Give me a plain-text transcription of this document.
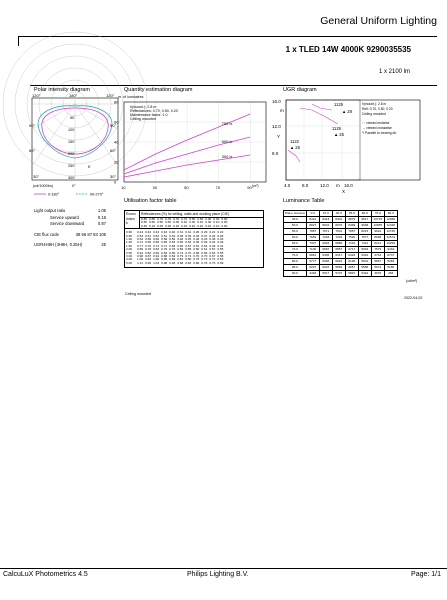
General Uniform Lighting
1 x TLED 14W 4000K 9290035535
1 x 2100 lm
Polar intensity diagram
120°	180°	120°
90°	90°
60°	60°
30°	30°
50
100
150
200
250
300
E
(cd/1000lm)	0°
0-180°	90-270°
Quantity estimation diagram
nr. of luminaires
0
20
40
60
80
10	30	50	70	90
750 lx
500 lx
300 lx
h(mount.): 2.8 m
Reflectances: 0.70, 0.50, 0.20
Maintenance factor: 1.0
Ceiling mounted
(m²)
UGR diagram
16.0
m
12.0
Y
8.0
4.0	8.0	12.0 m 16.0
X
1125
▲ 28
1125
▲ 25
1122
▲ 25
h(mount.): 2.8 m
Refl: 0.70, 0.50, 0.20
Ceiling mounted
↑↑ viewed endwise
→ viewed crosswise
Y Parallel to viewing dir.
Light output ratio	1.05
Service upward	0.18
Service downward	0.87
CIE flux code	38 66 87 83 105
UGR4H8H (4H8H, 0.25H)	25
Utilisation factor table
Room
Index
k
Reflectances (%) for ceiling, walls and working plane (CIE)
0.80	0.80	0.70	0.70	0.70	0.70	0.50	0.50	0.30	0.30	0.00
0.50	0.50	0.50	0.50	0.30	0.10	0.30	0.10	0.30	0.10	0.00
0.30	0.10	0.30	0.20	0.10	0.10	0.10	0.10	0.10	0.10	0.00
0.60	0.44	0.42	0.43	0.43	0.40	0.31	0.31	0.26	0.29	0.22	0.22
0.80	0.54	0.51	0.52	0.51	0.49	0.39	0.39	0.33	0.37	0.32	0.28
1.00	0.62	0.58	0.60	0.58	0.56	0.48	0.45	0.40	0.43	0.38	0.33
1.25	0.71	0.65	0.68	0.65	0.63	0.55	0.52	0.46	0.49	0.44	0.39
1.50	0.77	0.70	0.74	0.71	0.68	0.60	0.57	0.51	0.54	0.49	0.41
2.00	0.86	0.78	0.83	0.79	0.76	0.69	0.65	0.60	0.61	0.57	0.55
2.50	0.94	0.82	0.90	0.84	0.80	0.74	0.70	0.66	0.66	0.63	0.55
3.00	0.98	0.87	0.94	0.88	0.84	0.79	0.74	0.70	0.70	0.67	0.58
4.00	1.06	0.92	1.00	0.95	0.89	0.84	0.80	0.76	0.73	0.72	0.63
5.00	1.11	0.95	1.03	0.98	0.93	0.88	0.83	0.80	0.78	0.76	0.69
Ceiling mounted
Luminance Table
Plane Gamma	0.0	15.0	30.0	45.0	60.0	75.0	90.0
45.0	8416	8413	8401	8879	9517	10715	12080
50.0	8027	8034	8076	8499	9038	10055	11348
55.0	7987	7671	7631	7957	8215	9624	11735
60.0	7669	7294	7204	7520	7977	8998	11574
65.0	7307	6994	6886	7116	7441	8214	10294
70.0	7100	6687	6557	6717	6932	7579	9434
75.0	6961	6435	6317	6423	6391	6764	8737
80.0	6777	6266	6024	6196	5931	5867	6269
85.0	6297	6015	5859	6057	5568	5074	5180
90.0	4493	5917	5707	5897	5442	3976	284
(cd/m²)
2022-04-02
CalcuLuX Photometrics 4.5	Philips Lighting B.V.	Page: 1/1
